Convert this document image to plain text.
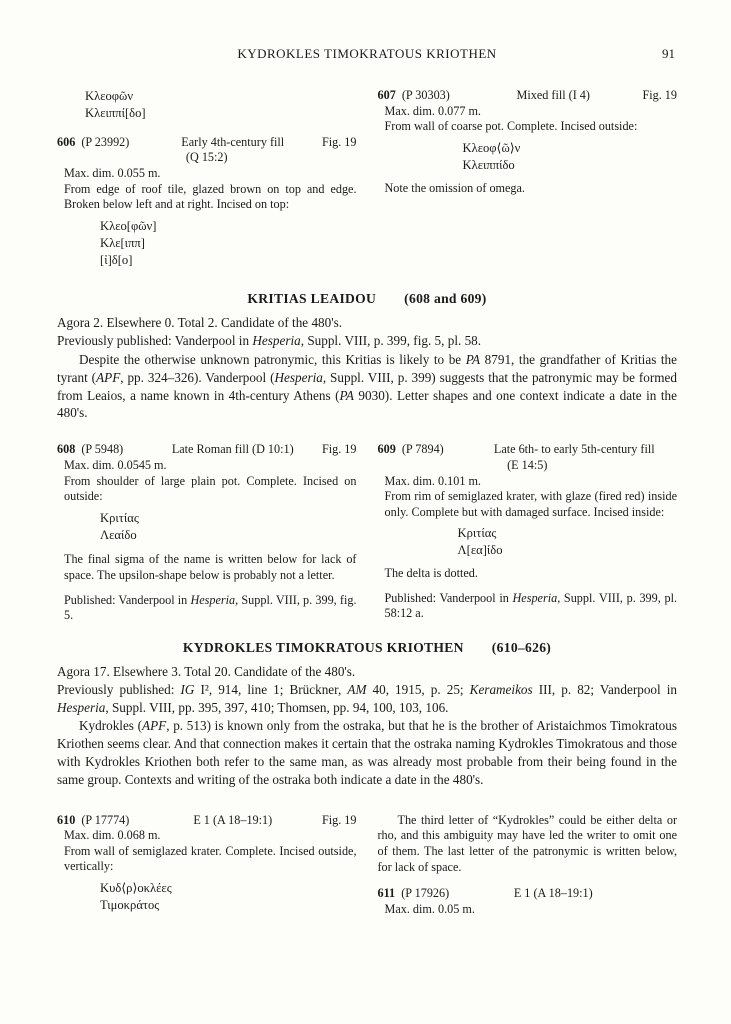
KYDROKLES TIMOKRATOUS KRIOTHEN	91
Κλεοφῶν
Κλειππί[δο]
606 (P 23992)	Early 4th-century fill	Fig. 19
(Q 15:2)
Max. dim. 0.055 m.
From edge of roof tile, glazed brown on top and edge. Broken below left and at right. Incised on top:
Κλεο[φῶν]
Κλε[ιππ]
[ἰ]δ[ο]
607 (P 30303)	Mixed fill (I 4)	Fig. 19
Max. dim. 0.077 m.
From wall of coarse pot. Complete. Incised outside:
Κλεοφ⟨ῶ⟩ν
Κλειππίδο
Note the omission of omega.
KRITIAS LEAIDOU (608 and 609)
Agora 2. Elsewhere 0. Total 2. Candidate of the 480's.
Previously published: Vanderpool in Hesperia, Suppl. VIII, p. 399, fig. 5, pl. 58.

Despite the otherwise unknown patronymic, this Kritias is likely to be PA 8791, the grandfather of Kritias the tyrant (APF, pp. 324–326). Vanderpool (Hesperia, Suppl. VIII, p. 399) suggests that the patronymic may be formed from Leaios, a name known in 4th-century Athens (PA 9030). Letter shapes and one context indicate a date in the 480's.

608 (P 5948)	Late Roman fill (D 10:1)	Fig. 19
Max. dim. 0.0545 m.
From shoulder of large plain pot. Complete. Incised on outside:
Κριτίας
Λεαίδο
The final sigma of the name is written below for lack of space. The upsilon-shape below is probably not a letter.
Published: Vanderpool in Hesperia, Suppl. VIII, p. 399, fig. 5.
609 (P 7894)	Late 6th- to early 5th-century fill
(E 14:5)
Max. dim. 0.101 m.
From rim of semiglazed krater, with glaze (fired red) inside only. Complete but with damaged surface. Incised inside:
Κριτίας
Λ[εα]ίδο
The delta is dotted.
Published: Vanderpool in Hesperia, Suppl. VIII, p. 399, pl. 58:12 a.
KYDROKLES TIMOKRATOUS KRIOTHEN (610–626)
Agora 17. Elsewhere 3. Total 20. Candidate of the 480's.
Previously published: IG I², 914, line 1; Brückner, AM 40, 1915, p. 25; Kerameikos III, p. 82; Vanderpool in Hesperia, Suppl. VIII, pp. 395, 397, 410; Thomsen, pp. 94, 100, 103, 106.

Kydrokles (APF, p. 513) is known only from the ostraka, but that he is the brother of Aristaichmos Timokratous Kriothen seems clear. And that connection makes it certain that the ostraka naming Kydrokles Timokratous and those with Kydrokles Kriothen both refer to the same man, as was already most probable from their being found in the same group. Contexts and writing of the ostraka both indicate a date in the 480's.

610 (P 17774)	E 1 (A 18–19:1)	Fig. 19
Max. dim. 0.068 m.
From wall of semiglazed krater. Complete. Incised outside, vertically:
Κυδ⟨ρ⟩οκλέες
Τιμοκράτος
The third letter of “Kydrokles” could be either delta or rho, and this ambiguity may have led the writer to omit one of them. The last letter of the patronymic is written below, for lack of space.
611 (P 17926)	E 1 (A 18–19:1)
Max. dim. 0.05 m.
